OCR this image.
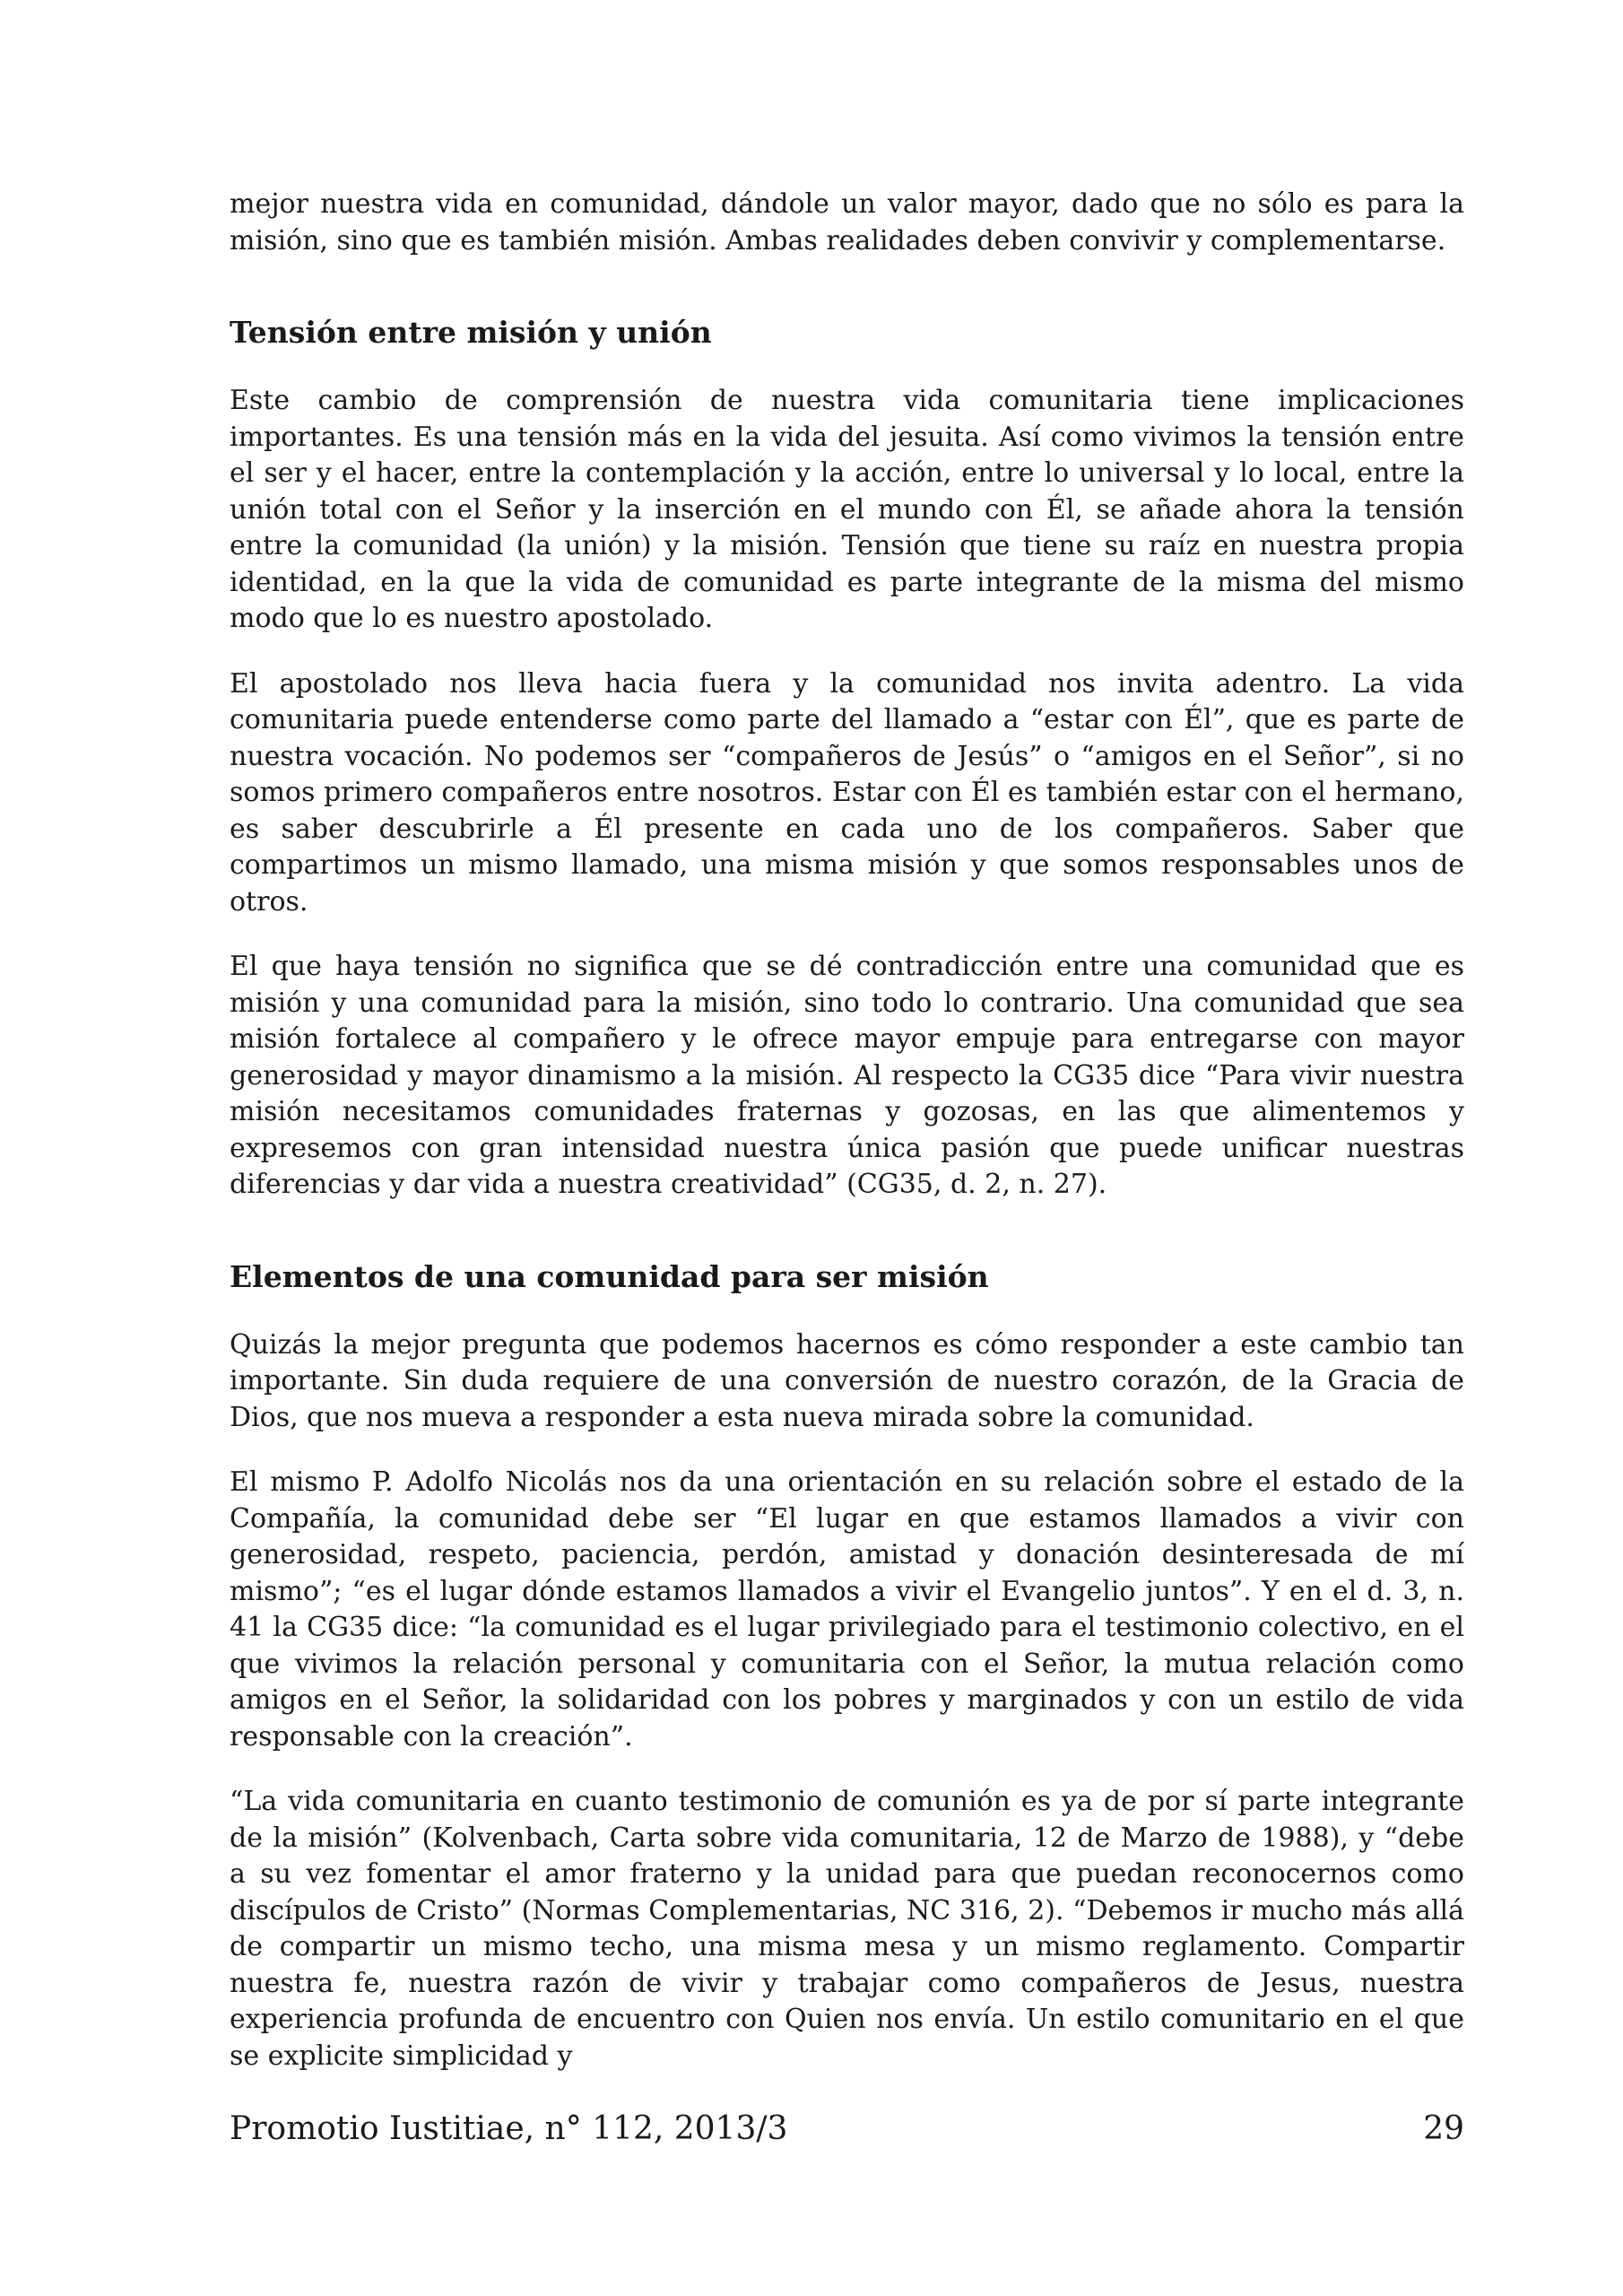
mejor nuestra vida en comunidad, dándole un valor mayor, dado que no sólo es para la misión, sino que es también misión. Ambas realidades deben convivir y complementarse.

Tensión entre misión y unión

Este cambio de comprensión de nuestra vida comunitaria tiene implicaciones importantes. Es una tensión más en la vida del jesuita. Así como vivimos la tensión entre el ser y el hacer, entre la contemplación y la acción, entre lo universal y lo local, entre la unión total con el Señor y la inserción en el mundo con Él, se añade ahora la tensión entre la comunidad (la unión) y la misión. Tensión que tiene su raíz en nuestra propia identidad, en la que la vida de comunidad es parte integrante de la misma del mismo modo que lo es nuestro apostolado.

El apostolado nos lleva hacia fuera y la comunidad nos invita adentro. La vida comunitaria puede entenderse como parte del llamado a “estar con Él”, que es parte de nuestra vocación. No podemos ser “compañeros de Jesús” o “amigos en el Señor”, si no somos primero compañeros entre nosotros. Estar con Él es también estar con el hermano, es saber descubrirle a Él presente en cada uno de los compañeros. Saber que compartimos un mismo llamado, una misma misión y que somos responsables unos de otros.

El que haya tensión no significa que se dé contradicción entre una comunidad que es misión y una comunidad para la misión, sino todo lo contrario. Una comunidad que sea misión fortalece al compañero y le ofrece mayor empuje para entregarse con mayor generosidad y mayor dinamismo a la misión. Al respecto la CG35 dice “Para vivir nuestra misión necesitamos comunidades fraternas y gozosas, en las que alimentemos y expresemos con gran intensidad nuestra única pasión que puede unificar nuestras diferencias y dar vida a nuestra creatividad” (CG35, d. 2, n. 27).

Elementos de una comunidad para ser misión

Quizás la mejor pregunta que podemos hacernos es cómo responder a este cambio tan importante. Sin duda requiere de una conversión de nuestro corazón, de la Gracia de Dios, que nos mueva a responder a esta nueva mirada sobre la comunidad.

El mismo P. Adolfo Nicolás nos da una orientación en su relación sobre el estado de la Compañía, la comunidad debe ser “El lugar en que estamos llamados a vivir con generosidad, respeto, paciencia, perdón, amistad y donación desinteresada de mí mismo”; “es el lugar dónde estamos llamados a vivir el Evangelio juntos”. Y en el d. 3, n. 41 la CG35 dice: “la comunidad es el lugar privilegiado para el testimonio colectivo, en el que vivimos la relación personal y comunitaria con el Señor, la mutua relación como amigos en el Señor, la solidaridad con los pobres y marginados y con un estilo de vida responsable con la creación”.

“La vida comunitaria en cuanto testimonio de comunión es ya de por sí parte integrante de la misión” (Kolvenbach, Carta sobre vida comunitaria, 12 de Marzo de 1988), y “debe a su vez fomentar el amor fraterno y la unidad para que puedan reconocernos como discípulos de Cristo” (Normas Complementarias, NC 316, 2). “Debemos ir mucho más allá de compartir un mismo techo, una misma mesa y un mismo reglamento. Compartir nuestra fe, nuestra razón de vivir y trabajar como compañeros de Jesus, nuestra experiencia profunda de encuentro con Quien nos envía. Un estilo comunitario en el que se explicite simplicidad y

Promotio Iustitiae, n° 112, 2013/3	29
